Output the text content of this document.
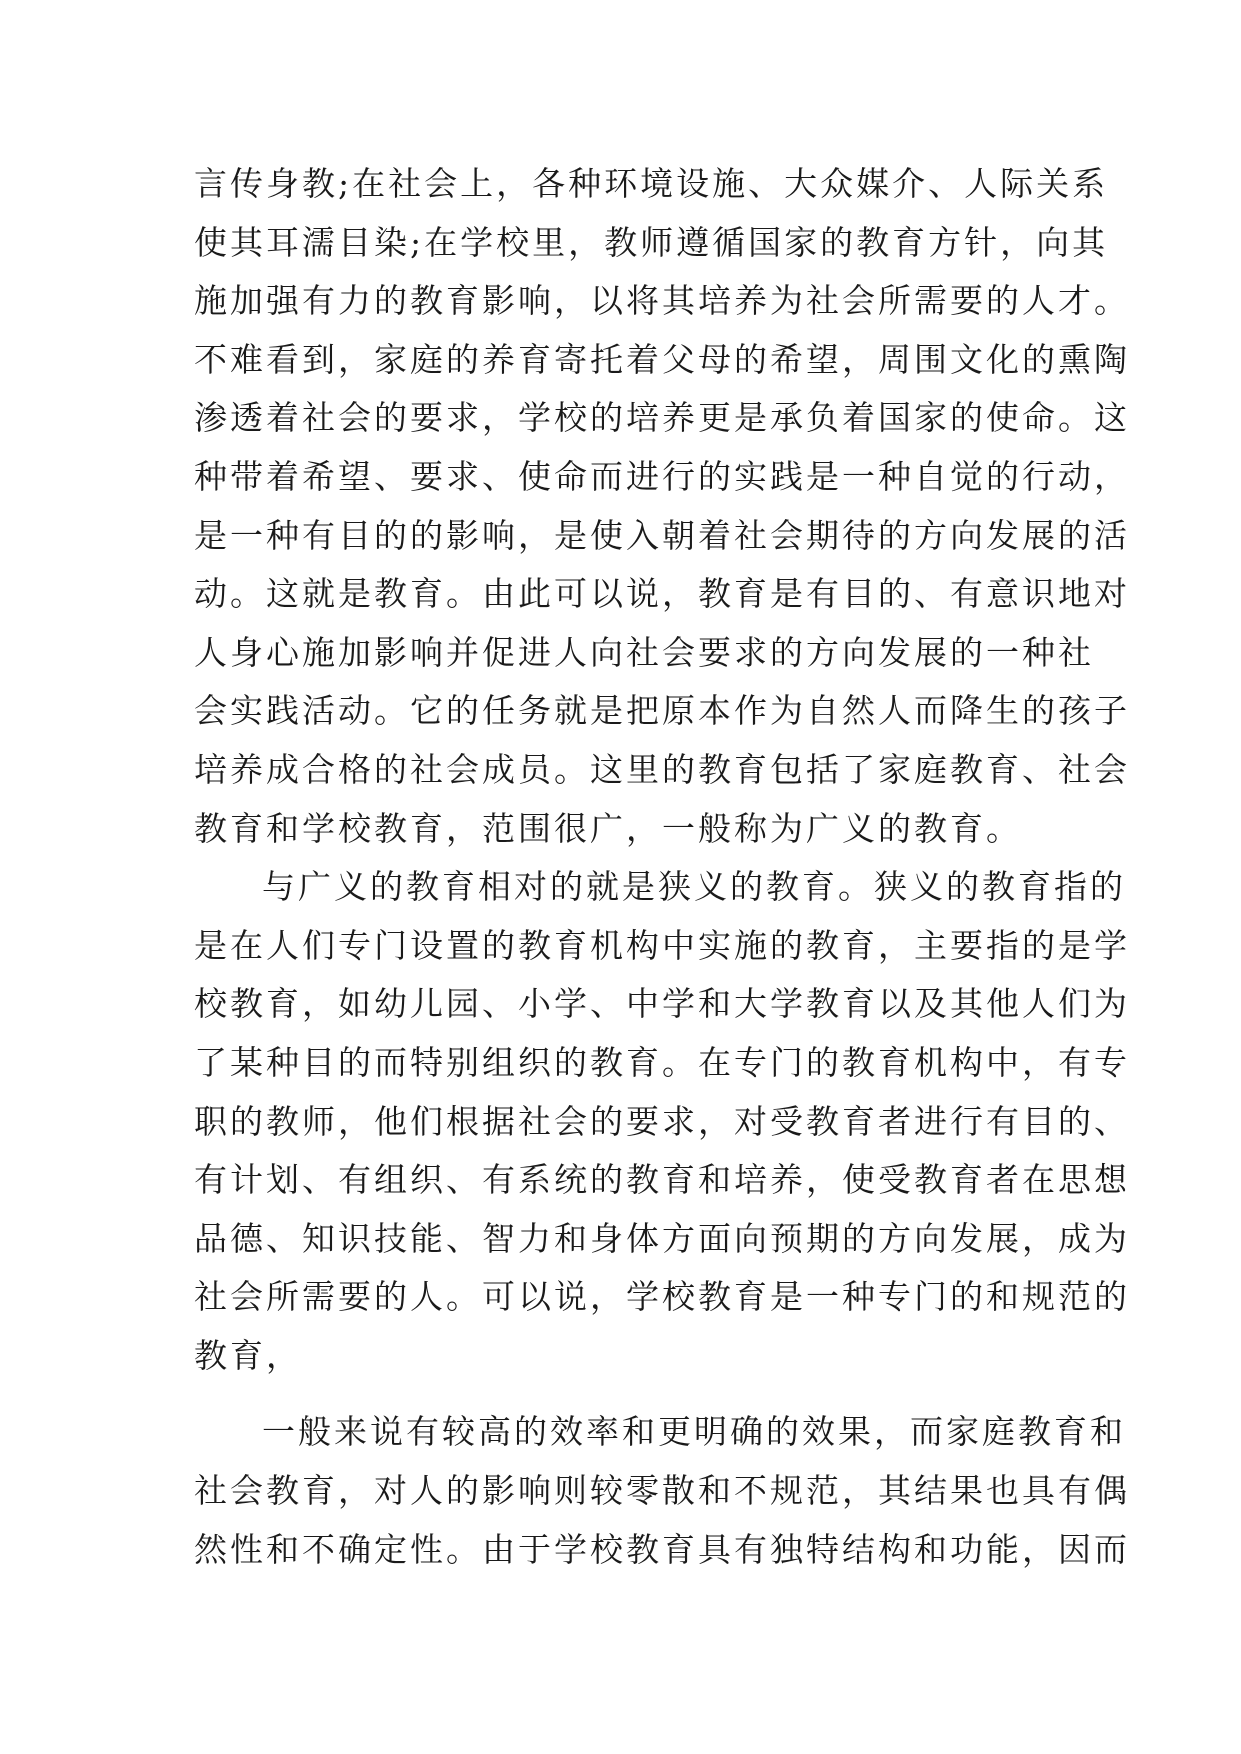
言传身教;在社会上，各种环境设施、大众媒介、人际关系
使其耳濡目染;在学校里，教师遵循国家的教育方针，向其
施加强有力的教育影响，以将其培养为社会所需要的人才。
不难看到，家庭的养育寄托着父母的希望，周围文化的熏陶
渗透着社会的要求，学校的培养更是承负着国家的使命。这
种带着希望、要求、使命而进行的实践是一种自觉的行动，
是一种有目的的影响，是使入朝着社会期待的方向发展的活
动。这就是教育。由此可以说，教育是有目的、有意识地对
人身心施加影响并促进人向社会要求的方向发展的一种社
会实践活动。它的任务就是把原本作为自然人而降生的孩子
培养成合格的社会成员。这里的教育包括了家庭教育、社会
教育和学校教育，范围很广，一般称为广义的教育。
与广义的教育相对的就是狭义的教育。狭义的教育指的
是在人们专门设置的教育机构中实施的教育，主要指的是学
校教育，如幼儿园、小学、中学和大学教育以及其他人们为
了某种目的而特别组织的教育。在专门的教育机构中，有专
职的教师，他们根据社会的要求，对受教育者进行有目的、
有计划、有组织、有系统的教育和培养，使受教育者在思想
品德、知识技能、智力和身体方面向预期的方向发展，成为
社会所需要的人。可以说，学校教育是一种专门的和规范的
教育，
一般来说有较高的效率和更明确的效果，而家庭教育和
社会教育，对人的影响则较零散和不规范，其结果也具有偶
然性和不确定性。由于学校教育具有独特结构和功能，因而
